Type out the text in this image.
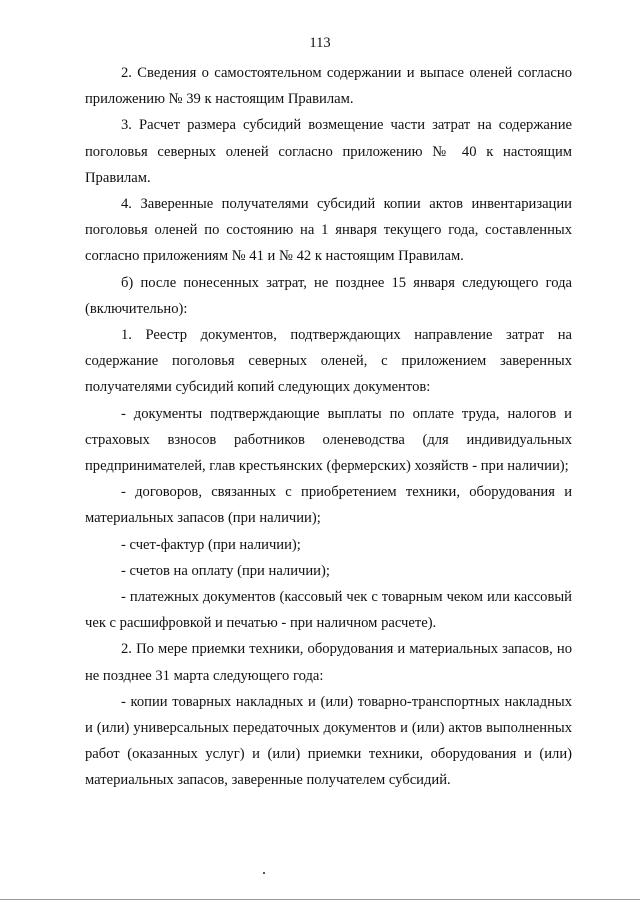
113

2. Сведения о самостоятельном содержании и выпасе оленей согласно приложению № 39 к настоящим Правилам.

3. Расчет размера субсидий возмещение части затрат на содержание поголовья северных оленей согласно приложению № 40 к настоящим Правилам.

4. Заверенные получателями субсидий копии актов инвентаризации поголовья оленей по состоянию на 1 января текущего года, составленных согласно приложениям № 41 и № 42 к настоящим Правилам.

б) после понесенных затрат, не позднее 15 января следующего года (включительно):

1. Реестр документов, подтверждающих направление затрат на содержание поголовья северных оленей, с приложением заверенных получателями субсидий копий следующих документов:

- документы подтверждающие выплаты по оплате труда, налогов и страховых взносов работников оленеводства (для индивидуальных предпринимателей, глав крестьянских (фермерских) хозяйств - при наличии);

- договоров, связанных с приобретением техники, оборудования и материальных запасов (при наличии);

- счет-фактур (при наличии);

- счетов на оплату (при наличии);

- платежных документов (кассовый чек с товарным чеком или кассовый чек с расшифровкой и печатью - при наличном расчете).

2. По мере приемки техники, оборудования и материальных запасов, но не позднее 31 марта следующего года:

- копии товарных накладных и (или) товарно-транспортных накладных и (или) универсальных передаточных документов и (или) актов выполненных работ (оказанных услуг) и (или) приемки техники, оборудования и (или) материальных запасов, заверенные получателем субсидий.
